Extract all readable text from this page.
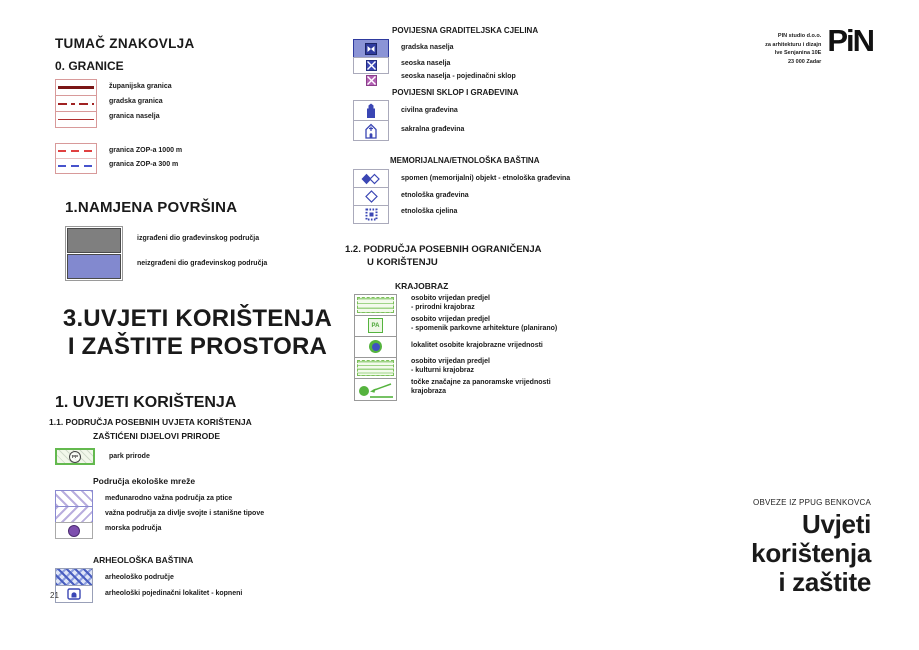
TUMAČ ZNAKOVLJA
0. GRANICE
županijska granica
gradska granica
granica naselja
granica ZOP-a 1000 m
granica ZOP-a 300 m
1.NAMJENA POVRŠINA
izgrađeni dio građevinskog područja
neizgrađeni dio građevinskog područja
3.UVJETI KORIŠTENJA
I ZAŠTITE PROSTORA
1. UVJETI KORIŠTENJA
1.1. PODRUČJA POSEBNIH UVJETA KORIŠTENJA
ZAŠTIĆENI DIJELOVI PRIRODE
PP	park prirode
Područja ekološke mreže
međunarodno važna područja za ptice
važna područja za divlje svojte i stanišne tipove
morska područja
ARHEOLOŠKA BAŠTINA
arheološko područje
arheološki pojedinačni lokalitet - kopneni
21
POVIJESNA GRADITELJSKA CJELINA
gradska naselja
seoska naselja
seoska naselja - pojedinačni sklop
POVIJESNI SKLOP I GRAĐEVINA
civilna građevina
sakralna građevina
MEMORIJALNA/ETNOLOŠKA BAŠTINA
spomen (memorijalni) objekt - etnološka građevina
etnološka građevina
etnološka cjelina
1.2. PODRUČJA POSEBNIH OGRANIČENJA
U KORIŠTENJU
KRAJOBRAZ
PA
osobito vrijedan predjel
- prirodni krajobraz
osobito vrijedan predjel
- spomenik parkovne arhitekture (planirano)
lokalitet osobite krajobrazne vrijednosti
osobito vrijedan predjel
- kulturni krajobraz
točke značajne za panoramske vrijednosti
krajobraza
PIN studio d.o.o.
za arhitekturu i dizajn
Ive Senjanina 10E
23 000 Zadar
PiN
OBVEZE IZ PPUG BENKOVCA
Uvjeti
korištenja
i zaštite
